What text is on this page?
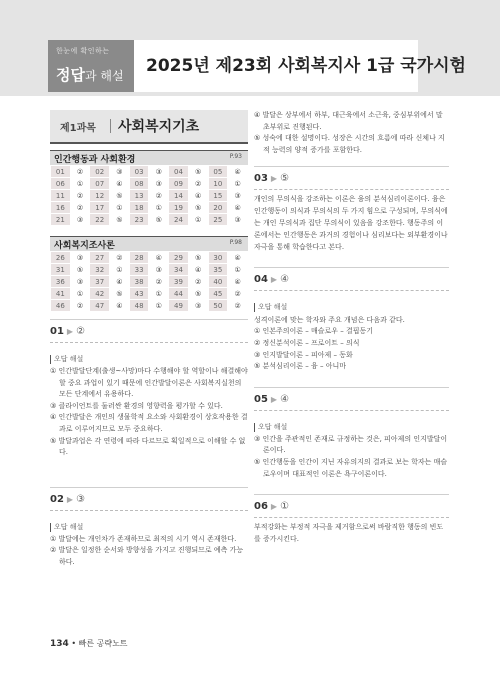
한눈에 확인하는
정답과 해설	2025년 제23회 사회복지사 1급 국가시험
제1과목 사회복지기초
인간행동과 사회환경	P.93
01	②	02	③	03	③	04	⑤	05	④
06	①	07	④	08	③	09	②	10	①
11	②	12	⑤	13	②	14	④	15	③
16	②	17	①	18	①	19	⑤	20	④
21	③	22	⑤	23	⑤	24	①	25	③
사회복지조사론	P.98
26	③	27	②	28	④	29	⑤	30	④
31	⑤	32	①	33	③	34	④	35	①
36	③	37	④	38	②	39	②	40	④
41	①	42	⑤	43	①	44	⑤	45	②
46	②	47	④	48	①	49	③	50	②
01 ▶ ②
오답 해설
① 인간발달단계(출생~사망)마다 수행해야 할 역할이나 해결해야 할 중요 과업이 있기 때문에 인간발달이론은 사회복지실천의 모든 단계에서 유용하다.
③ 클라이언트를 둘러싼 환경의 영향력을 평가할 수 있다.
④ 인간발달은 개인의 생물학적 요소와 사회환경이 상호작용한 결과로 이루어지므로 모두 중요하다.
⑤ 발달과업은 각 연령에 따라 다르므로 획일적으로 이해할 수 없다.
02 ▶ ③
오답 해설
① 발달에는 개인차가 존재하므로 최적의 시기 역시 존재한다.
② 발달은 일정한 순서와 방향성을 가지고 진행되므로 예측 가능하다.
④ 발달은 상부에서 하부, 대근육에서 소근육, 중심부위에서 말초부위로 진행된다.
⑤ 성숙에 대한 설명이다. 성장은 시간의 흐름에 따라 신체나 지적 능력의 양적 증가를 포함한다.
03 ▶ ⑤
개인의 무의식을 강조하는 이론은 융의 분석심리이론이다. 융은 인간행동이 의식과 무의식의 두 가지 힘으로 구성되며, 무의식에는 개인 무의식과 집단 무의식이 있음을 강조한다. 행동주의 이론에서는 인간행동은 과거의 경험이나 심리보다는 외부환경이나 자극을 통해 학습한다고 본다.
04 ▶ ④
오답 해설
성격이론에 맞는 학자와 주요 개념은 다음과 같다.
① 인본주의이론 – 매슬로우 – 결핍동기
② 정신분석이론 – 프로이트 – 의식
③ 인지발달이론 – 피아제 – 동화
⑤ 분석심리이론 – 융 – 아니마
05 ▶ ④
오답 해설
③ 인간을 주관적인 존재로 규정하는 것은, 피아제의 인지발달이론이다.
⑤ 인간행동을 인간이 지닌 자유의지의 결과로 보는 학자는 매슬로우이며 대표적인 이론은 욕구이론이다.
06 ▶ ①
부적강화는 부정적 자극을 제거함으로써 바람직한 행동의 빈도를 증가시킨다.
134 • 빠른 공략노트
